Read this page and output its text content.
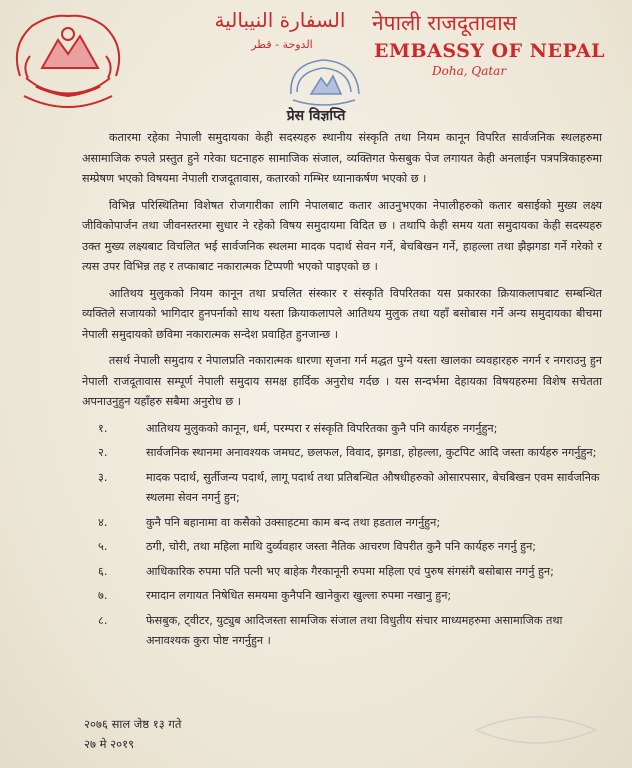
السفارة النيبالية
الدوحة - قطر
नेपाली राजदूतावास
EMBASSY OF NEPAL
Doha, Qatar
प्रेस विज्ञप्ति

कतारमा रहेका नेपाली समुदायका केही सदस्यहरु स्थानीय संस्कृति तथा नियम कानून विपरित सार्वजनिक स्थलहरुमा असामाजिक रुपले प्रस्तुत हुने गरेका घटनाहरु सामाजिक संजाल, व्यक्तिगत फेसबुक पेज लगायत केही अनलाईन पत्रपत्रिकाहरुमा सम्प्रेषण भएको विषयमा नेपाली राजदूतावास, कतारको गम्भिर ध्यानाकर्षण भएको छ ।

विभिन्न परिस्थितिमा विशेषत रोजगारीका लागि नेपालबाट कतार आउनुभएका नेपालीहरुको कतार बसाईको मुख्य लक्ष्य जीविकोपार्जन तथा जीवनस्तरमा सुधार ने रहेको विषय समुदायमा विदित छ । तथापि केही समय यता समुदायका केही सदस्यहरु उक्त मुख्य लक्ष्यबाट विचलित भई सार्वजनिक स्थलमा मादक पदार्थ सेवन गर्ने, बेचबिखन गर्ने, हाहल्ला तथा झैझगडा गर्ने गरेको र त्यस उपर विभिन्न तह र तप्काबाट नकारात्मक टिप्पणी भएको पाइएको छ ।

आतिथय मुलुकको नियम कानून तथा प्रचलित संस्कार र संस्कृति विपरितका यस प्रकारका क्रियाकलापबाट सम्बन्धित व्यक्तिले सजायको भागिदार हुनपर्नाको साथ यस्ता क्रियाकलापले आतिथय मुलुक तथा यहाँ बसोबास गर्ने अन्य समुदायका बीचमा नेपाली समुदायको छविमा नकारात्मक सन्देश प्रवाहित हुनजान्छ ।

तसर्थ नेपाली समुदाय र नेपालप्रति नकारात्मक धारणा सृजना गर्न मद्धत पुग्ने यस्ता खालका व्यवहारहरु नगर्न र नगराउनु हुन नेपाली राजदूतावास सम्पूर्ण नेपाली समुदाय समक्ष हार्दिक अनुरोध गर्दछ । यस सन्दर्भमा देहायका विषयहरुमा विशेष सचेतता अपनाउनुहुन यहाँहरु सबैमा अनुरोध छ ।

१.	आतिथय मुलुकको कानून, धर्म, परम्परा र संस्कृति विपरितका कुनै पनि कार्यहरु नगर्नुहुन;
२.	सार्वजनिक स्थानमा अनावश्यक जमघट, छलफल, विवाद, झगडा, होहल्ला, कुटपिट आदि जस्ता कार्यहरु नगर्नुहुन;
३.	मादक पदार्थ, सुर्तीजन्य पदार्थ, लागू पदार्थ तथा प्रतिबन्धित औषधीहरुको ओसारपसार, बेचबिखन एवम सार्वजनिक स्थलमा सेवन नगर्नु हुन;
४.	कुनै पनि बहानामा वा कसैको उक्साहटमा काम बन्द तथा हडताल नगर्नुहुन;
५.	ठगी, चोरी, तथा महिला माथि दुर्व्यवहार जस्ता नैतिक आचरण विपरीत कुनै पनि कार्यहरु नगर्नु हुन;
६.	आधिकारिक रुपमा पति पत्नी भए बाहेक गैरकानूनी रुपमा महिला एवं पुरुष संगसंगै बसोबास नगर्नु हुन;
७.	रमादान लगायत निषेधित समयमा कुनैपनि खानेकुरा खुल्ला रुपमा नखानु हुन;
८.	फेसबुक, ट्वीटर, युट्युब आदिजस्ता सामजिक संजाल तथा विधुतीय संचार माध्यमहरुमा असामाजिक तथा अनावश्यक कुरा पोष्ट नगर्नुहुन ।
२०७६ साल जेष्ठ १३ गते
२७ मे २०१९
